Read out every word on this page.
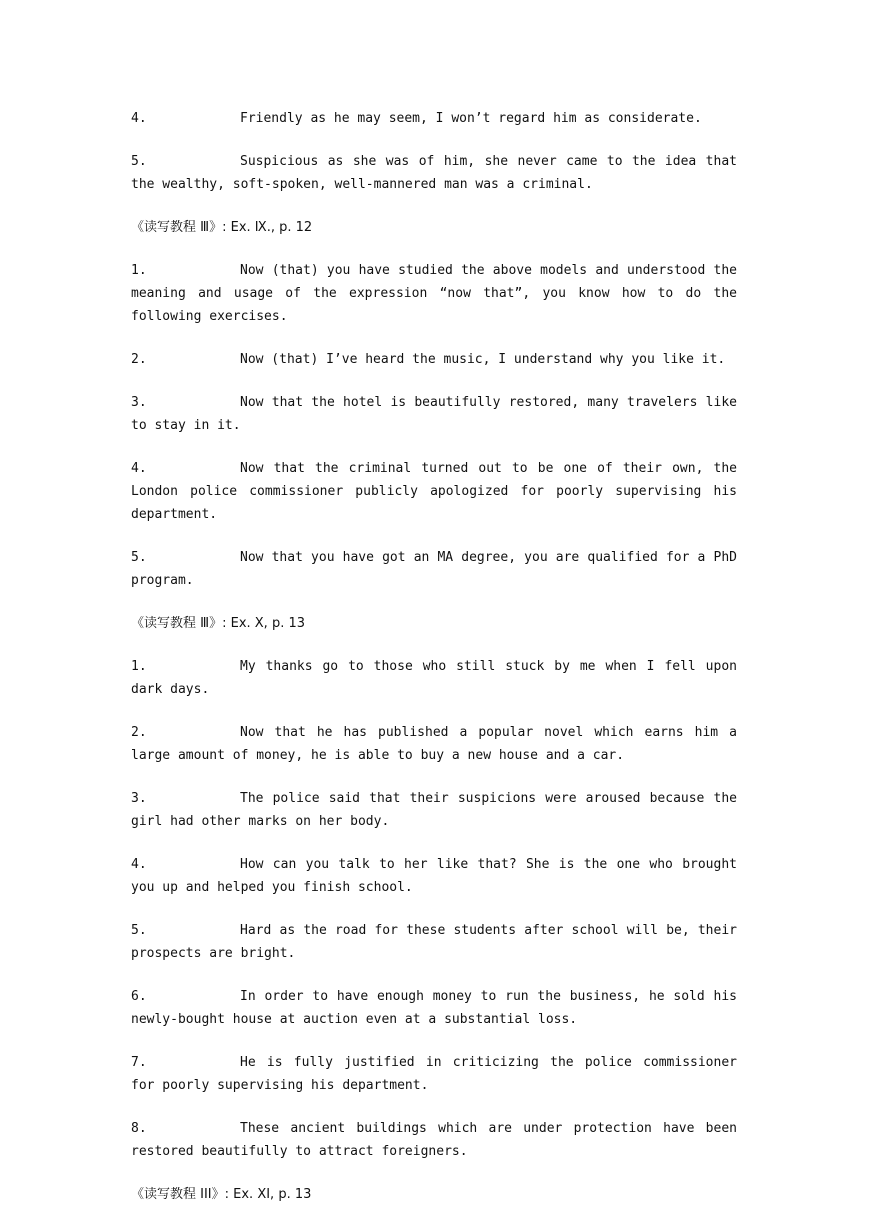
4.	Friendly as he may seem, I won’t regard him as considerate.
5.	Suspicious as she was of him, she never came to the idea that the wealthy, soft-spoken, well-mannered man was a criminal.
《读写教程 Ⅲ》: Ex. Ⅸ., p. 12
1.	Now (that) you have studied the above models and understood the meaning and usage of the expression “now that”, you know how to do the following exercises.
2.	Now (that) I’ve heard the music, I understand why you like it.
3.	Now that the hotel is beautifully restored, many travelers like to stay in it.
4.	Now that the criminal turned out to be one of their own, the London police commissioner publicly apologized for poorly supervising his department.
5.	Now that you have got an MA degree, you are qualified for a PhD program.
《读写教程 Ⅲ》: Ex. Ⅹ, p. 13
1.	My thanks go to those who still stuck by me when I fell upon dark days.
2.	Now that he has published a popular novel which earns him a large amount of money, he is able to buy a new house and a car.
3.	The police said that their suspicions were aroused because the girl had other marks on her body.
4.	How can you talk to her like that? She is the one who brought you up and helped you finish school.
5.	Hard as the road for these students after school will be, their prospects are bright.
6.	In order to have enough money to run the business, he sold his newly-bought house at auction even at a substantial loss.
7.	He is fully justified in criticizing the police commissioner for poorly supervising his department.
8.	These ancient buildings which are under protection have been restored beautifully to attract foreigners.
《读写教程 III》: Ex. XI, p. 13
